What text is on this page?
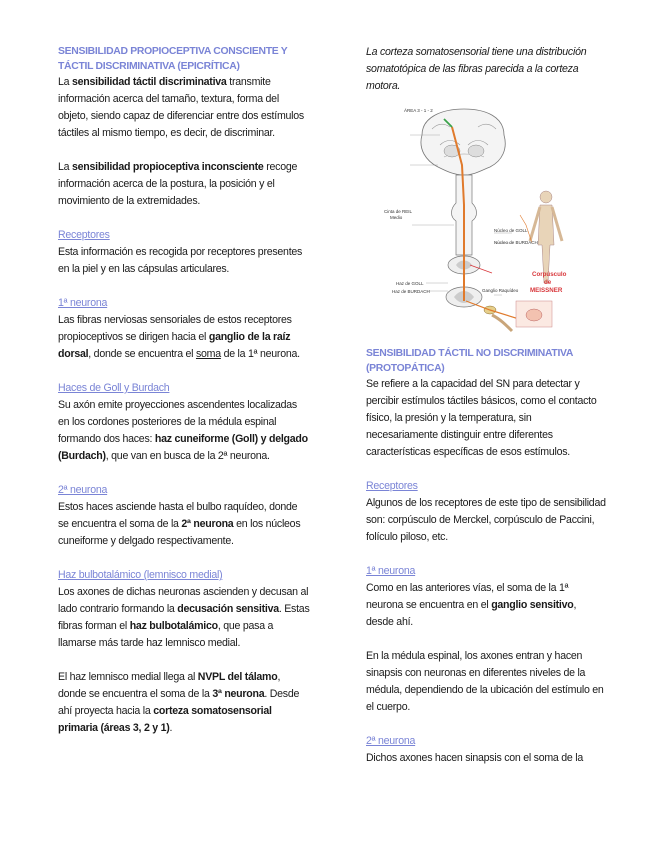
SENSIBILIDAD PROPIOCEPTIVA CONSCIENTE Y
TÁCTIL DISCRIMINATIVA (EPICRÍTICA)

La sensibilidad táctil discriminativa transmite información acerca del tamaño, textura, forma del objeto, siendo capaz de diferenciar entre dos estímulos táctiles al mismo tiempo, es decir, de discriminar.

La sensibilidad propioceptiva inconsciente recoge información acerca de la postura, la posición y el movimiento de la extremidades.

Receptores

Esta información es recogida por receptores presentes en la piel y en las cápsulas articulares.

1ª neurona

Las fibras nerviosas sensoriales de estos receptores propioceptivos se dirigen hacia el ganglio de la raíz dorsal, donde se encuentra el soma de la 1ª neurona.

Haces de Goll y Burdach

Su axón emite proyecciones ascendentes localizadas en los cordones posteriores de la médula espinal formando dos haces: haz cuneiforme (Goll) y delgado (Burdach), que van en busca de la 2ª neurona.

2ª neurona

Estos haces asciende hasta el bulbo raquídeo, donde se encuentra el soma de la 2ª neurona en los núcleos cuneiforme y delgado respectivamente.

Haz bulbotalámico (lemnisco medial)

Los axones de dichas neuronas ascienden y decusan al lado contrario formando la decusación sensitiva. Estas fibras forman el haz bulbotalámico, que pasa a llamarse más tarde haz lemnisco medial.

El haz lemnisco medial llega al NVPL del tálamo, donde se encuentra el soma de la 3ª neurona. Desde ahí proyecta hacia la corteza somatosensorial primaria (áreas 3, 2 y 1).

La corteza somatosensorial tiene una distribución somatotópica de las fibras parecida a la corteza motora.

ÁREA 3 - 1 - 2
Cinta de REIL
Medio
Núcleo de GOLL
Núcleo de BURDACH
Haz de GOLL
Haz de BURDACH	Ganglio Raquídeo
Corpúsculo
de
MEISSNER

SENSIBILIDAD TÁCTIL NO DISCRIMINATIVA
(PROTOPÁTICA)

Se refiere a la capacidad del SN para detectar y percibir estímulos táctiles básicos, como el contacto físico, la presión y la temperatura, sin necesariamente distinguir entre diferentes características específicas de esos estímulos.

Receptores

Algunos de los receptores de este tipo de sensibilidad son: corpúsculo de Merckel, corpúsculo de Paccini, folículo piloso, etc.

1ª neurona

Como en las anteriores vías, el soma de la 1ª neurona se encuentra en el ganglio sensitivo, desde ahí.

En la médula espinal, los axones entran y hacen sinapsis con neuronas en diferentes niveles de la médula, dependiendo de la ubicación del estímulo en el cuerpo.

2ª neurona

Dichos axones hacen sinapsis con el soma de la
